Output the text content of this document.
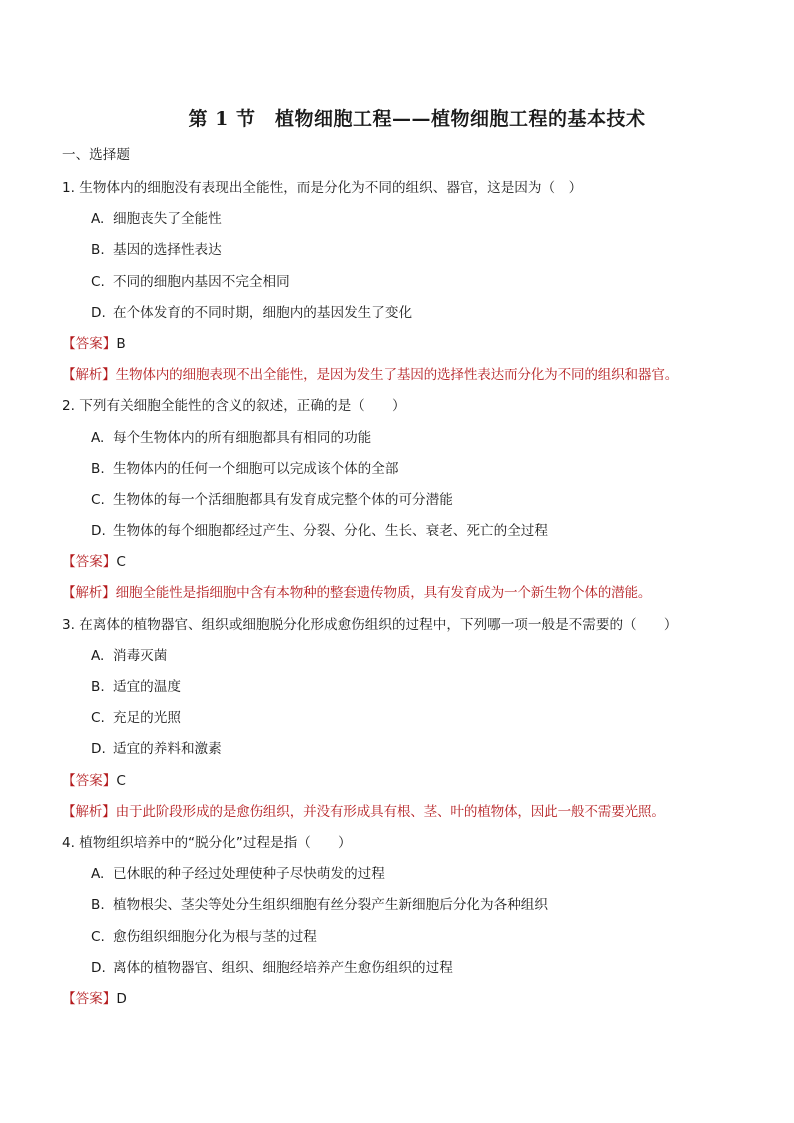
第 1 节　植物细胞工程——植物细胞工程的基本技术
一、选择题
1. 生物体内的细胞没有表现出全能性，而是分化为不同的组织、器官，这是因为（　）
A. 细胞丧失了全能性
B. 基因的选择性表达
C. 不同的细胞内基因不完全相同
D. 在个体发育的不同时期，细胞内的基因发生了变化
【答案】B
【解析】生物体内的细胞表现不出全能性，是因为发生了基因的选择性表达而分化为不同的组织和器官。
2. 下列有关细胞全能性的含义的叙述，正确的是（　　）
A. 每个生物体内的所有细胞都具有相同的功能
B. 生物体内的任何一个细胞可以完成该个体的全部
C. 生物体的每一个活细胞都具有发育成完整个体的可分潜能
D. 生物体的每个细胞都经过产生、分裂、分化、生长、衰老、死亡的全过程
【答案】C
【解析】细胞全能性是指细胞中含有本物种的整套遗传物质，具有发育成为一个新生物个体的潜能。
3. 在离体的植物器官、组织或细胞脱分化形成愈伤组织的过程中，下列哪一项一般是不需要的（　　）
A. 消毒灭菌
B. 适宜的温度
C. 充足的光照
D. 适宜的养料和激素
【答案】C
【解析】由于此阶段形成的是愈伤组织，并没有形成具有根、茎、叶的植物体，因此一般不需要光照。
4. 植物组织培养中的“脱分化”过程是指（　　）
A. 已休眠的种子经过处理使种子尽快萌发的过程
B. 植物根尖、茎尖等处分生组织细胞有丝分裂产生新细胞后分化为各种组织
C. 愈伤组织细胞分化为根与茎的过程
D. 离体的植物器官、组织、细胞经培养产生愈伤组织的过程
【答案】D
